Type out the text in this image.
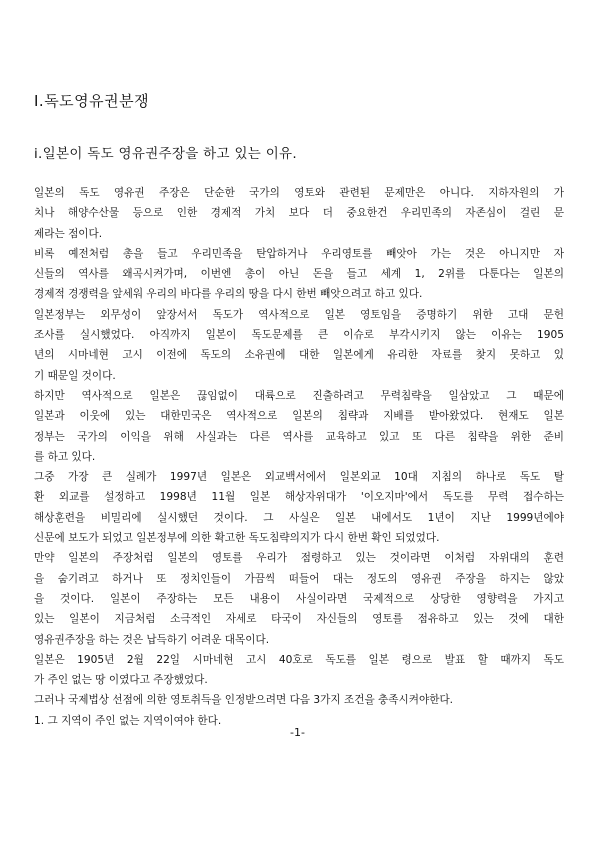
Ⅰ.독도영유권분쟁
ⅰ.일본이 독도 영유권주장을 하고 있는 이유.
일본의 독도 영유권 주장은 단순한 국가의 영토와 관련된 문제만은 아니다. 지하자원의 가
치나 해양수산물 등으로 인한 경제적 가치 보다 더 중요한건 우리민족의 자존심이 걸린 문
제라는 점이다.
비록 예전처럼 총을 들고 우리민족을 탄압하거나 우리영토를 빼앗아 가는 것은 아니지만 자
신들의 역사를 왜곡시켜가며, 이번엔 총이 아닌 돈을 들고 세계 1, 2위를 다툰다는 일본의
경제적 경쟁력을 앞세워 우리의 바다를 우리의 땅을 다시 한번 빼앗으려고 하고 있다.
일본정부는 외무성이 앞장서서 독도가 역사적으로 일본 영토임을 증명하기 위한 고대 문헌
조사를 실시했었다. 아직까지 일본이 독도문제를 큰 이슈로 부각시키지 않는 이유는 1905
년의 시마네현 고시 이전에 독도의 소유권에 대한 일본에게 유리한 자료를 찾지 못하고 있
기 때문일 것이다.
하지만 역사적으로 일본은 끊임없이 대륙으로 진출하려고 무력침략을 일삼았고 그 때문에
일본과 이웃에 있는 대한민국은 역사적으로 일본의 침략과 지배를 받아왔었다. 현재도 일본
정부는 국가의 이익을 위해 사실과는 다른 역사를 교육하고 있고 또 다른 침략을 위한 준비
를 하고 있다.
그중 가장 큰 실례가 1997년 일본은 외교백서에서 일본외교 10대 지침의 하나로 독도 탈
환 외교를 설정하고 1998년 11월 일본 해상자위대가 '이오지마'에서 독도를 무력 접수하는
해상훈련을 비밀리에 실시했던 것이다. 그 사실은 일본 내에서도 1년이 지난 1999년에야
신문에 보도가 되었고 일본정부에 의한 확고한 독도침략의지가 다시 한번 확인 되었었다.
만약 일본의 주장처럼 일본의 영토를 우리가 점령하고 있는 것이라면 이처럼 자위대의 훈련
을 숨기려고 하거나 또 정치인들이 가끔씩 떠들어 대는 정도의 영유권 주장을 하지는 않았
을 것이다. 일본이 주장하는 모든 내용이 사실이라면 국제적으로 상당한 영향력을 가지고
있는 일본이 지금처럼 소극적인 자세로 타국이 자신들의 영토를 점유하고 있는 것에 대한
영유권주장을 하는 것은 납득하기 어려운 대목이다.
일본은 1905년 2월 22일 시마네현 고시 40호로 독도를 일본 령으로 발표 할 때까지 독도
가 주인 없는 땅 이였다고 주장했었다.
그러나 국제법상 선점에 의한 영토취득을 인정받으려면 다음 3가지 조건을 충족시켜야한다.
1. 그 지역이 주인 없는 지역이여야 한다.
-1-
